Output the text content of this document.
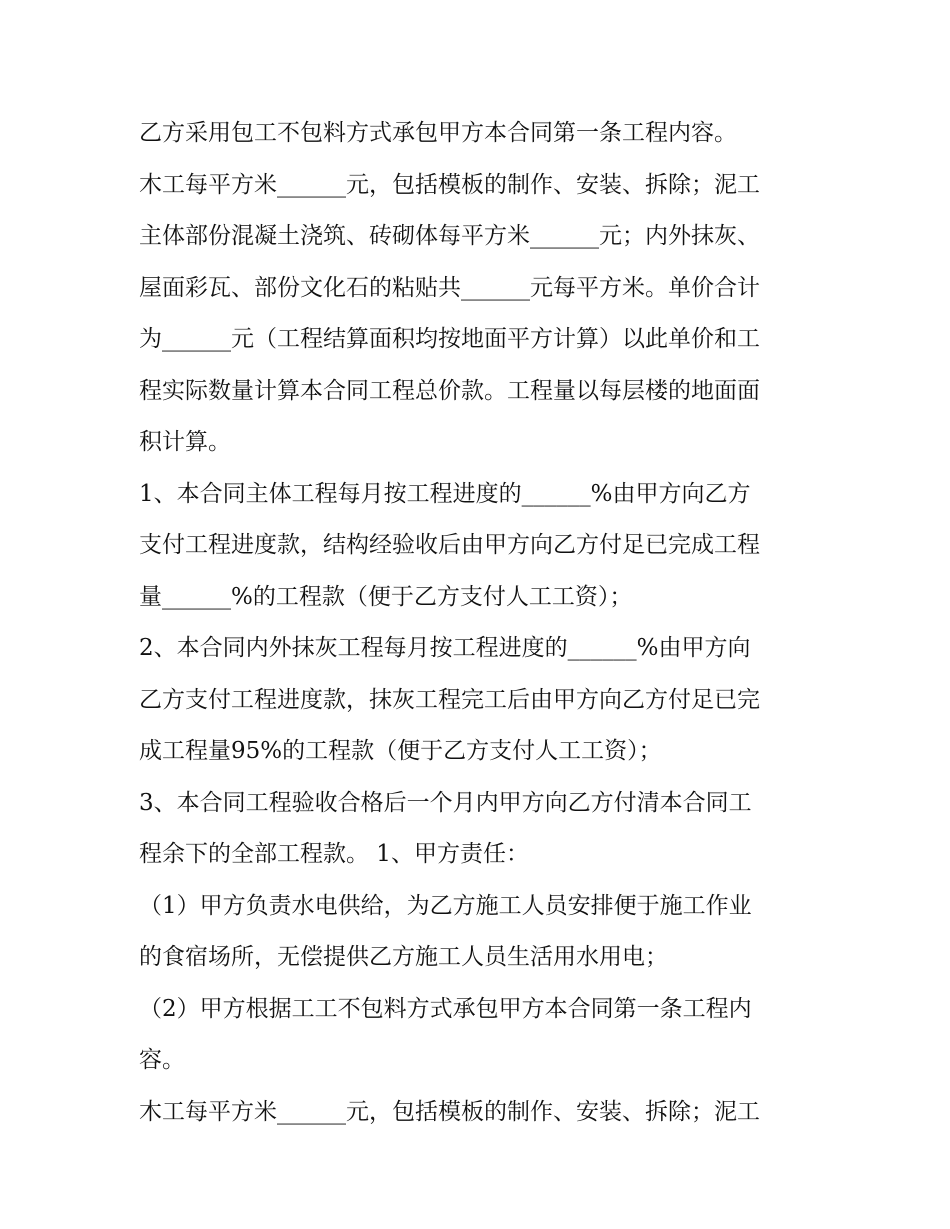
乙方采用包工不包料方式承包甲方本合同第一条工程内容。
木工每平方米______元，包括模板的制作、安装、拆除；泥工
主体部份混凝土浇筑、砖砌体每平方米______元；内外抹灰、
屋面彩瓦、部份文化石的粘贴共______元每平方米。单价合计
为______元（工程结算面积均按地面平方计算）以此单价和工
程实际数量计算本合同工程总价款。工程量以每层楼的地面面
积计算。
1、本合同主体工程每月按工程进度的______%由甲方向乙方
支付工程进度款，结构经验收后由甲方向乙方付足已完成工程
量______%的工程款（便于乙方支付人工工资）；
2、本合同内外抹灰工程每月按工程进度的______%由甲方向
乙方支付工程进度款，抹灰工程完工后由甲方向乙方付足已完
成工程量95%的工程款（便于乙方支付人工工资）；
3、本合同工程验收合格后一个月内甲方向乙方付清本合同工
程余下的全部工程款。 1、甲方责任：
（1）甲方负责水电供给，为乙方施工人员安排便于施工作业
的食宿场所，无偿提供乙方施工人员生活用水用电；
（2）甲方根据工工不包料方式承包甲方本合同第一条工程内
容。
木工每平方米______元，包括模板的制作、安装、拆除；泥工
